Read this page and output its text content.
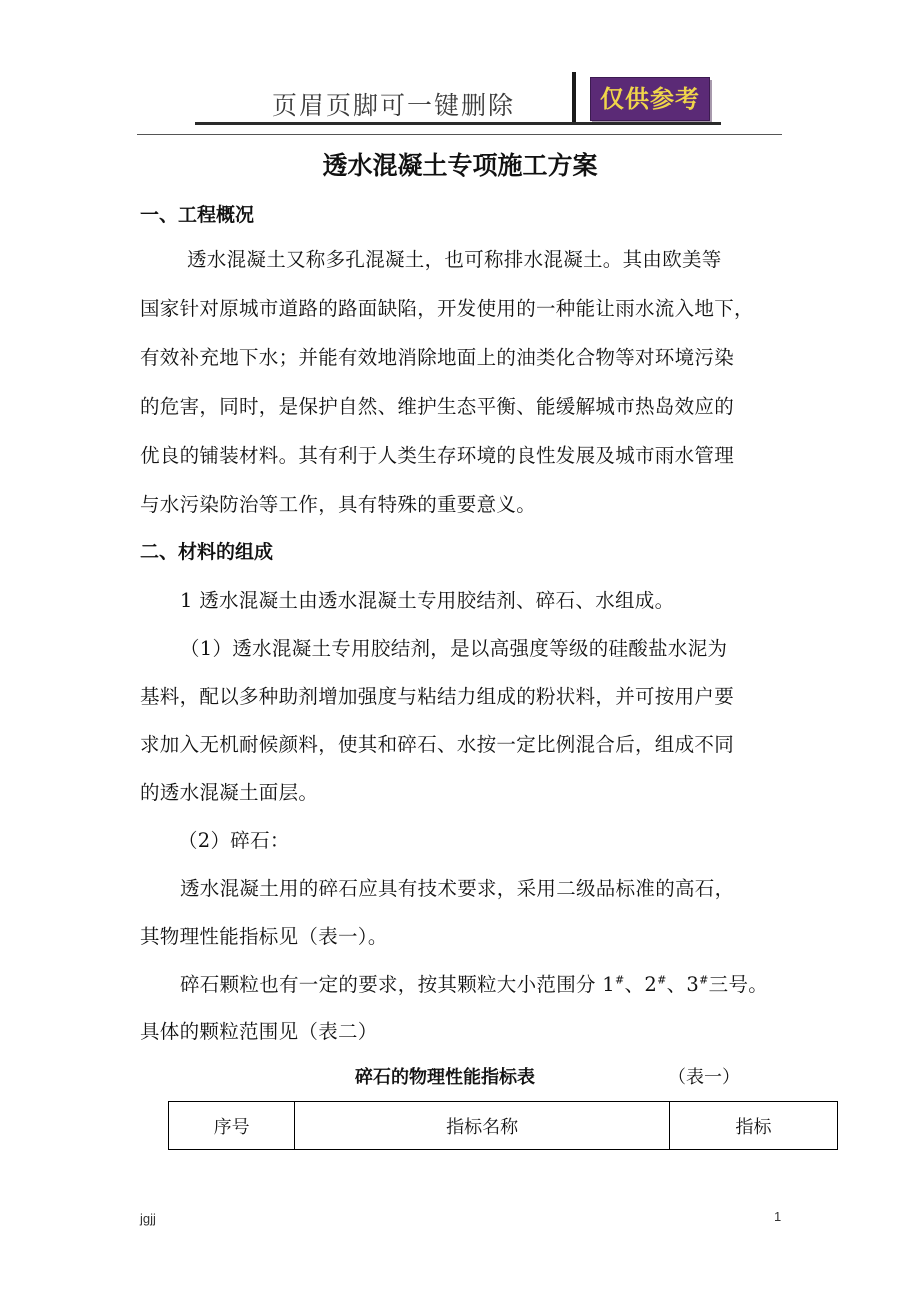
页眉页脚可一键删除	仅供参考
透水混凝土专项施工方案
一、工程概况
透水混凝土又称多孔混凝土，也可称排水混凝土。其由欧美等
国家针对原城市道路的路面缺陷，开发使用的一种能让雨水流入地下，
有效补充地下水；并能有效地消除地面上的油类化合物等对环境污染
的危害，同时，是保护自然、维护生态平衡、能缓解城市热岛效应的
优良的铺装材料。其有利于人类生存环境的良性发展及城市雨水管理
与水污染防治等工作，具有特殊的重要意义。
二、材料的组成
1 透水混凝土由透水混凝土专用胶结剂、碎石、水组成。
（1）透水混凝土专用胶结剂，是以高强度等级的硅酸盐水泥为
基料，配以多种助剂增加强度与粘结力组成的粉状料，并可按用户要
求加入无机耐候颜料，使其和碎石、水按一定比例混合后，组成不同
的透水混凝土面层。
（2）碎石：
透水混凝土用的碎石应具有技术要求，采用二级品标准的高石，
其物理性能指标见（表一）。
碎石颗粒也有一定的要求，按其颗粒大小范围分 1#、2#、3#三号。
具体的颗粒范围见（表二）
碎石的物理性能指标表	（表一）
序号	指标名称	指标
jgjj	1
